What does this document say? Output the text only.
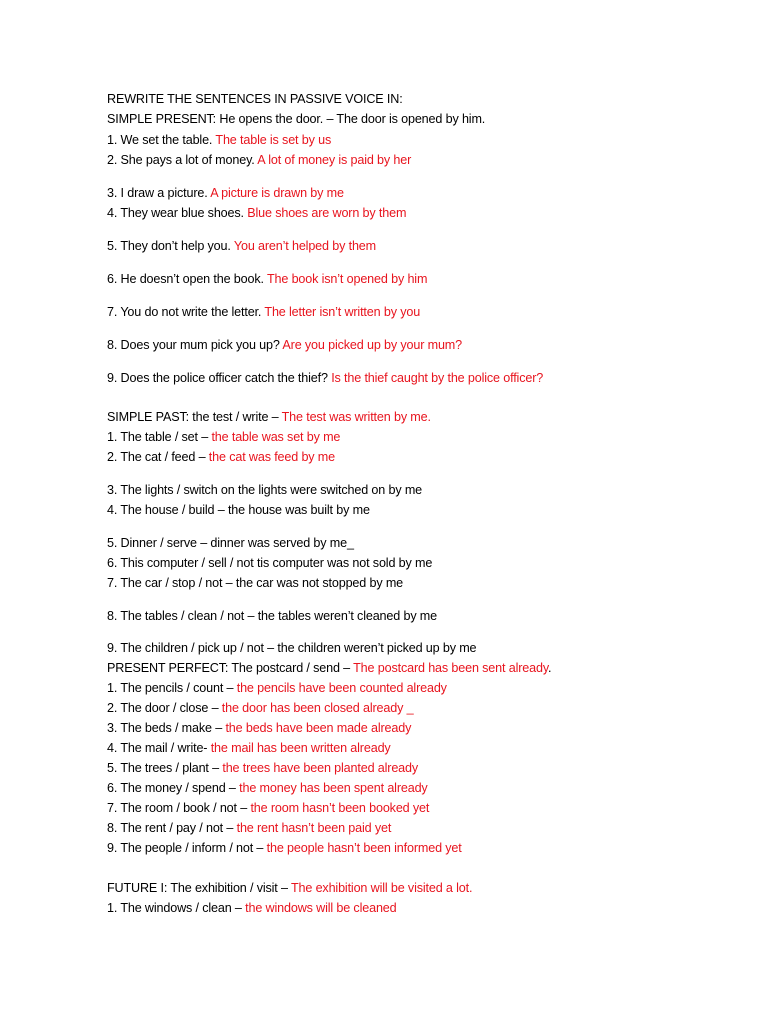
REWRITE THE SENTENCES IN PASSIVE VOICE IN:
SIMPLE PRESENT: He opens the door. – The door is opened by him.
1. We set the table. The table is set by us
2. She pays a lot of money. A lot of money is paid by her
3. I draw a picture. A picture is drawn by me
4. They wear blue shoes. Blue shoes are worn by them
5. They don’t help you. You aren’t helped by them
6. He doesn’t open the book. The book isn’t opened by him
7. You do not write the letter. The letter isn’t written by you
8. Does your mum pick you up? Are you picked up by your mum?
9. Does the police officer catch the thief? Is the thief caught by the police officer?
SIMPLE PAST: the test / write – The test was written by me.
1. The table / set – the table was set by me
2. The cat / feed – the cat was feed by me
3. The lights / switch on the lights were switched on by me
4. The house / build – the house was built by me
5. Dinner / serve – dinner was served by me_
6. This computer / sell / not tis computer was not sold by me
7. The car / stop / not – the car was not stopped by me
8. The tables / clean / not – the tables weren’t cleaned by me
9. The children / pick up / not – the children weren’t picked up by me
PRESENT PERFECT: The postcard / send – The postcard has been sent already.
1. The pencils / count – the pencils have been counted already
2. The door / close – the door has been closed already _
3. The beds / make – the beds have been made already
4. The mail / write- the mail has been written already
5. The trees / plant – the trees have been planted already
6. The money / spend – the money has been spent already
7. The room / book / not – the room hasn’t been booked yet
8. The rent / pay / not – the rent hasn’t been paid yet
9. The people / inform / not – the people hasn’t been informed yet
FUTURE I: The exhibition / visit – The exhibition will be visited a lot.
1. The windows / clean – the windows will be cleaned
